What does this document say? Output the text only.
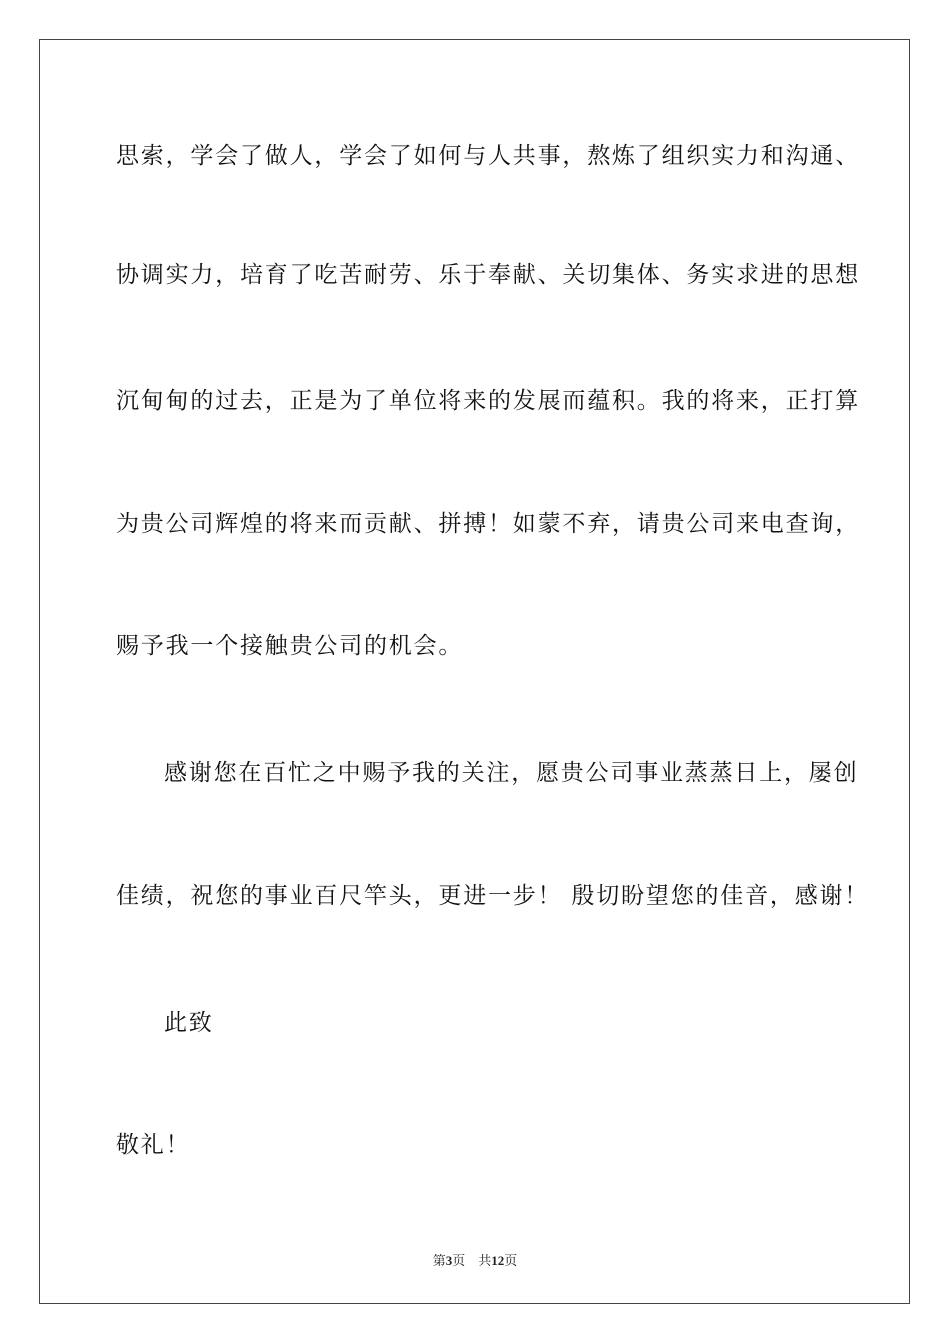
思索，学会了做人，学会了如何与人共事，熬炼了组织实力和沟通、
协调实力，培育了吃苦耐劳、乐于奉献、关切集体、务实求进的思想
沉甸甸的过去，正是为了单位将来的发展而蕴积。我的将来，正打算
为贵公司辉煌的将来而贡献、拼搏！如蒙不弃，请贵公司来电查询，
赐予我一个接触贵公司的机会。
感谢您在百忙之中赐予我的关注，愿贵公司事业蒸蒸日上，屡创
佳绩，祝您的事业百尺竿头，更进一步！ 殷切盼望您的佳音，感谢！
此致
敬礼！
第3页 共12页
